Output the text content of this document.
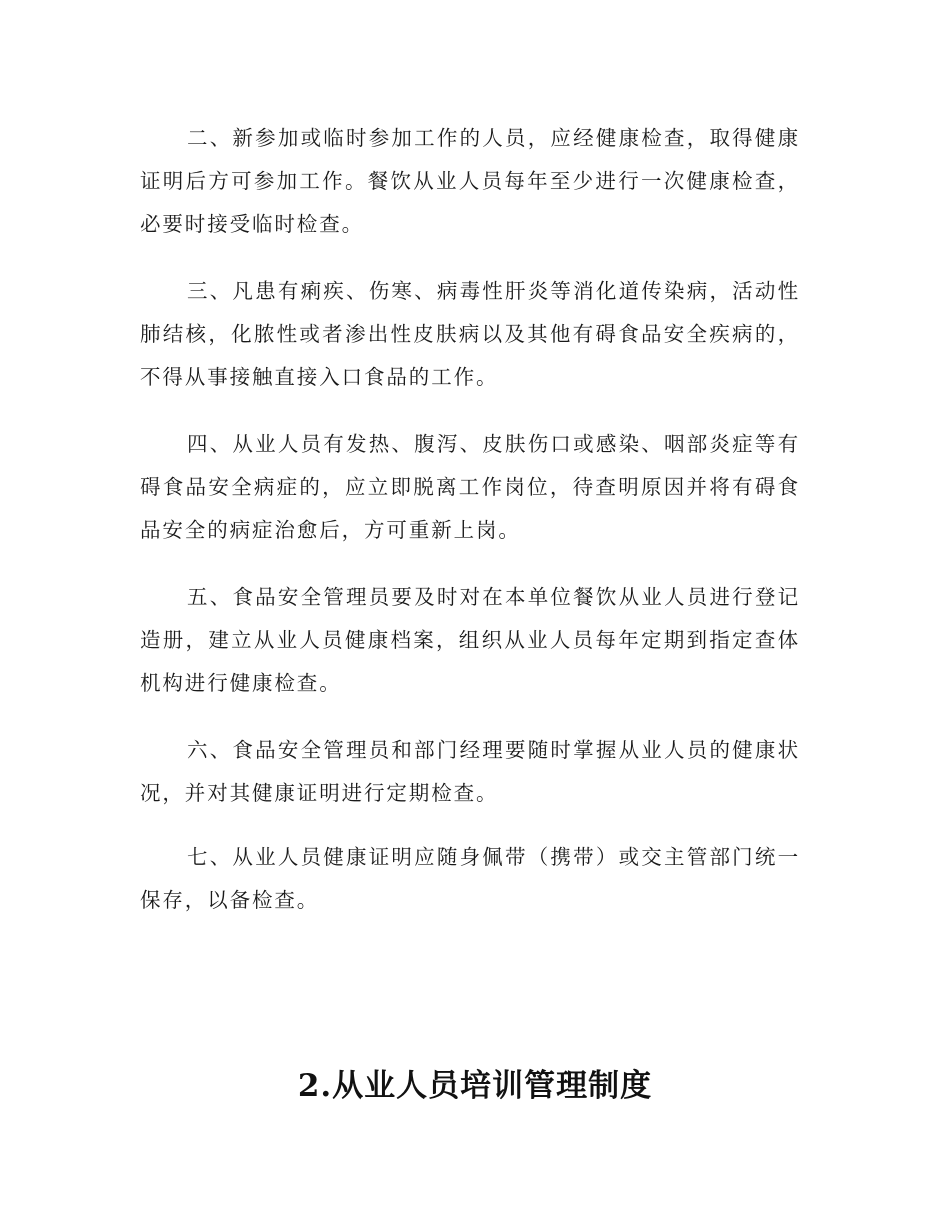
二、新参加或临时参加工作的人员，应经健康检查，取得健康证明后方可参加工作。餐饮从业人员每年至少进行一次健康检查，必要时接受临时检查。

三、凡患有痢疾、伤寒、病毒性肝炎等消化道传染病，活动性肺结核，化脓性或者渗出性皮肤病以及其他有碍食品安全疾病的，不得从事接触直接入口食品的工作。

四、从业人员有发热、腹泻、皮肤伤口或感染、咽部炎症等有碍食品安全病症的，应立即脱离工作岗位，待查明原因并将有碍食品安全的病症治愈后，方可重新上岗。

五、食品安全管理员要及时对在本单位餐饮从业人员进行登记造册，建立从业人员健康档案，组织从业人员每年定期到指定查体机构进行健康检查。

六、食品安全管理员和部门经理要随时掌握从业人员的健康状况，并对其健康证明进行定期检查。

七、从业人员健康证明应随身佩带（携带）或交主管部门统一保存，以备检查。

2.从业人员培训管理制度
